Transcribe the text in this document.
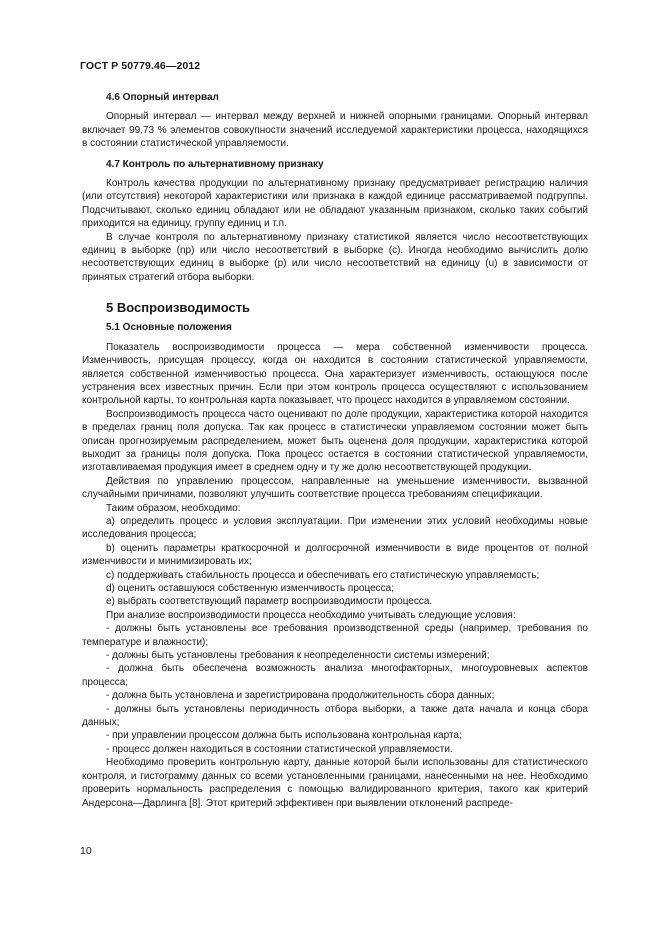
ГОСТ Р 50779.46—2012
4.6 Опорный интервал

Опорный интервал — интервал между верхней и нижней опорными границами. Опорный интервал включает 99,73 % элементов совокупности значений исследуемой характеристики процесса, находящихся в состоянии статистической управляемости.

4.7 Контроль по альтернативному признаку

Контроль качества продукции по альтернативному признаку предусматривает регистрацию наличия (или отсутствия) некоторой характеристики или признака в каждой единице рассматриваемой подгруппы. Подсчитывают, сколько единиц обладают или не обладают указанным признаком, сколько таких событий приходится на единицу, группу единиц и т.п.

В случае контроля по альтернативному признаку статистикой является число несоответствующих единиц в выборке (np) или число несоответствий в выборке (c). Иногда необходимо вычислить долю несоответствующих единиц в выборке (p) или число несоответствий на единицу (u) в зависимости от принятых стратегий отбора выборки.

5 Воспроизводимость
5.1 Основные положения

Показатель воспроизводимости процесса — мера собственной изменчивости процесса. Изменчивость, присущая процессу, когда он находится в состоянии статистической управляемости, является собственной изменчивостью процесса. Она характеризует изменчивость, остающуюся после устранения всех известных причин. Если при этом контроль процесса осуществляют с использованием контрольной карты, то контрольная карта показывает, что процесс находится в управляемом состоянии.

Воспроизводимость процесса часто оценивают по доле продукции, характеристика которой находится в пределах границ поля допуска. Так как процесс в статистически управляемом состоянии может быть описан прогнозируемым распределением, может быть оценена доля продукции, характеристика которой выходит за границы поля допуска. Пока процесс остается в состоянии статистической управляемости, изготавливаемая продукция имеет в среднем одну и ту же долю несоответствующей продукции.

Действия по управлению процессом, направленные на уменьшение изменчивости, вызванной случайными причинами, позволяют улучшить соответствие процесса требованиям спецификации.

Таким образом, необходимо:

a) определить процесс и условия эксплуатации. При изменении этих условий необходимы новые исследования процесса;

b) оценить параметры краткосрочной и долгосрочной изменчивости в виде процентов от полной изменчивости и минимизировать их;

c) поддерживать стабильность процесса и обеспечивать его статистическую управляемость;

d) оценить оставшуюся собственную изменчивость процесса;

e) выбрать соответствующий параметр воспроизводимости процесса.

При анализе воспроизводимости процесса необходимо учитывать следующие условия:

- должны быть установлены все требования производственной среды (например, требования по температуре и влажности);

- должны быть установлены требования к неопределенности системы измерений;

- должна быть обеспечена возможность анализа многофакторных, многоуровневых аспектов процесса;

- должна быть установлена и зарегистрирована продолжительность сбора данных;

- должны быть установлены периодичность отбора выборки, а также дата начала и конца сбора данных;

- при управлении процессом должна быть использована контрольная карта;

- процесс должен находиться в состоянии статистической управляемости.

Необходимо проверить контрольную карту, данные которой были использованы для статистического контроля, и гистограмму данных со всеми установленными границами, нанесенными на нее. Необходимо проверить нормальность распределения с помощью валидированного критерия, такого как критерий Андерсона—Дарлинга [8]. Этот критерий эффективен при выявлении отклонений распреде-

10
